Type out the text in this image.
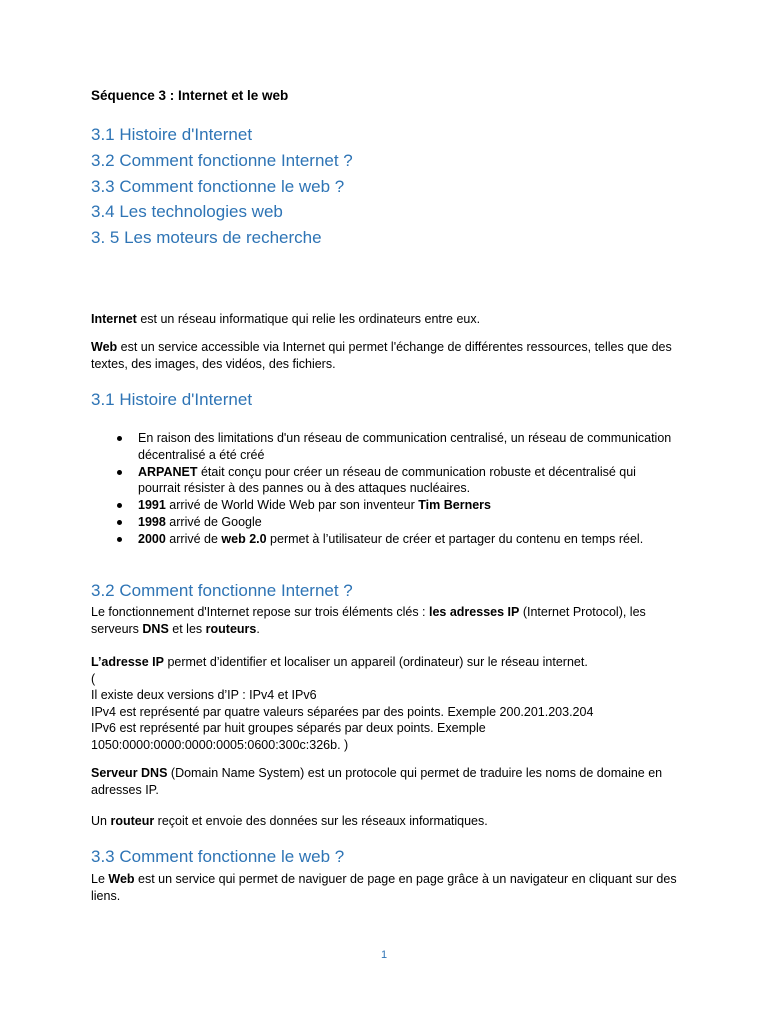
Séquence 3 : Internet et le web
3.1 Histoire d'Internet
3.2 Comment fonctionne Internet ?
3.3 Comment fonctionne le web ?
3.4 Les technologies web
3. 5 Les moteurs de recherche

Internet est un réseau informatique qui relie les ordinateurs entre eux.

Web est un service accessible via Internet qui permet l'échange de différentes ressources, telles que des textes, des images, des vidéos, des fichiers.

3.1 Histoire d'Internet
En raison des limitations d'un réseau de communication centralisé, un réseau de communication décentralisé a été créé
ARPANET était conçu pour créer un réseau de communication robuste et décentralisé qui pourrait résister à des pannes ou à des attaques nucléaires.
1991 arrivé de World Wide Web par son inventeur Tim Berners
1998 arrivé de Google
2000 arrivé de web 2.0 permet à l’utilisateur de créer et partager du contenu en temps réel.
3.2 Comment fonctionne Internet ?

Le fonctionnement d'Internet repose sur trois éléments clés : les adresses IP (Internet Protocol), les serveurs DNS et les routeurs.

L’adresse IP permet d’identifier et localiser un appareil (ordinateur) sur le réseau internet.

(

Il existe deux versions d’IP : IPv4 et IPv6

IPv4 est représenté par quatre valeurs séparées par des points. Exemple 200.201.203.204

IPv6 est représenté par huit groupes séparés par deux points. Exemple 1050:0000:0000:0000:0005:0600:300c:326b. )

Serveur DNS (Domain Name System) est un protocole qui permet de traduire les noms de domaine en adresses IP.

Un routeur reçoit et envoie des données sur les réseaux informatiques.

3.3 Comment fonctionne le web ?

Le Web est un service qui permet de naviguer de page en page grâce à un navigateur en cliquant sur des liens.

1
